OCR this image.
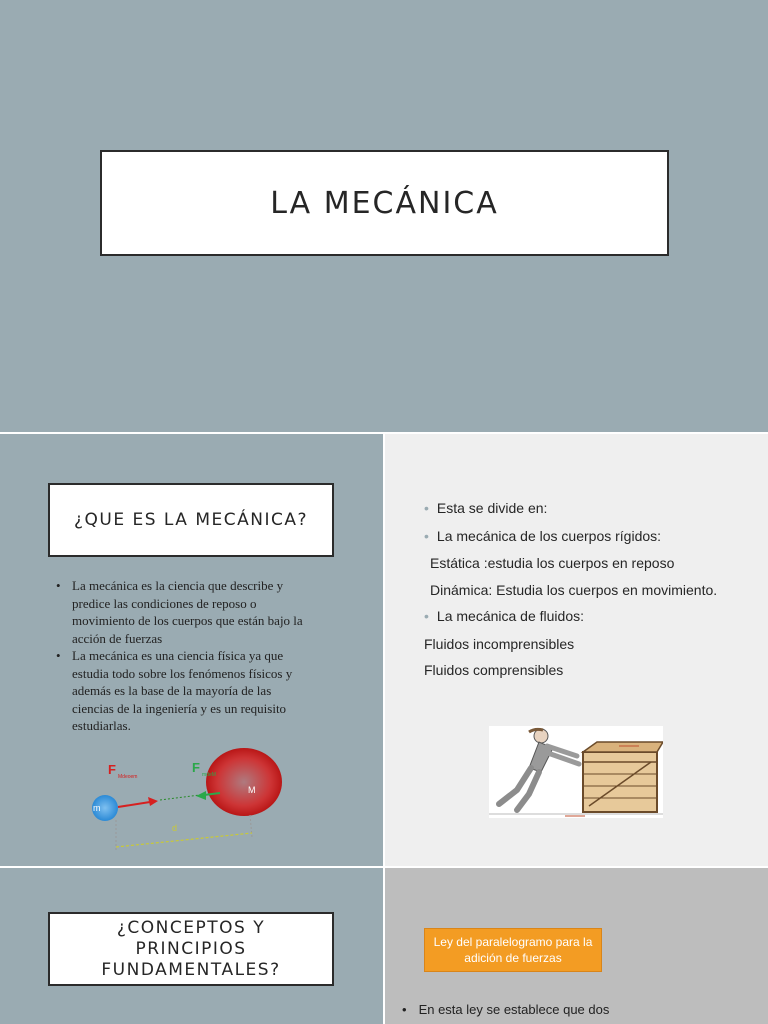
LA MECÁNICA
¿QUE ES LA MECÁNICA?
• La mecánica es la ciencia que describe y predice las condiciones de reposo o movimiento de los cuerpos que están bajo la acción de fuerzas
• La mecánica es una ciencia física ya que estudia todo sobre los fenómenos físicos y además es la base de la mayoría de las ciencias de la ingeniería y es un requisito estudiarlas.
F Mdeoem
F mdeM
m
M
d
• Esta se divide en:
• La mecánica de los cuerpos rígidos:
Estática :estudia los cuerpos en reposo
Dinámica: Estudia los cuerpos en movimiento.
• La mecánica de fluidos:
Fluidos incomprensibles
Fluidos comprensibles
¿CONCEPTOS Y PRINCIPIOS FUNDAMENTALES?
Ley del paralelogramo para la adición de fuerzas
• En esta ley se establece que dos
